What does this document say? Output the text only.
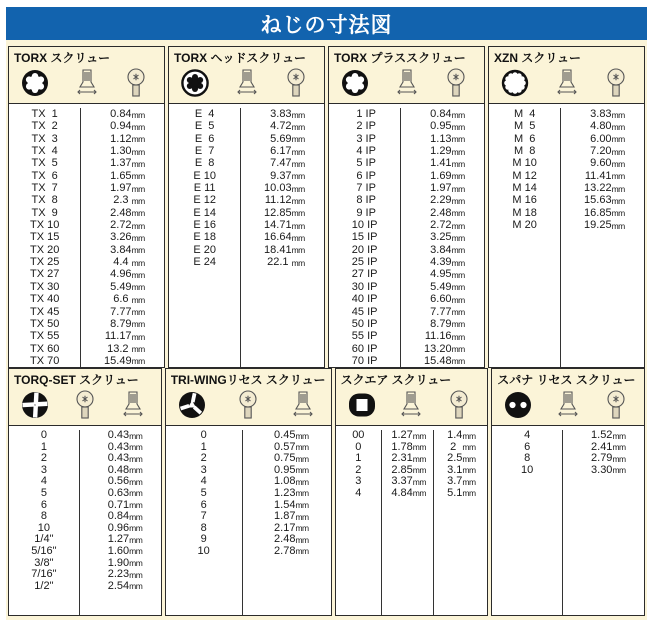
ねじの寸法図
TORX スクリュー
TX  1
TX  2
TX  3
TX  4
TX  5
TX  6
TX  7
TX  8
TX  9
TX 10
TX 15
TX 20
TX 25
TX 27
TX 30
TX 40
TX 45
TX 50
TX 55
TX 60
TX 70
0.84 mm
0.94 mm
1.12 mm
1.30 mm
1.37 mm
1.65 mm
1.97 mm
2.3 mm
2.48 mm
2.72 mm
3.26 mm
3.84 mm
4.4 mm
4.96 mm
5.49 mm
6.6 mm
7.77 mm
8.79 mm
11.17 mm
13.2 mm
15.49 mm
TORX ヘッドスクリュー
E  4
E  5
E  6
E  7
E  8
E 10
E 11
E 12
E 14
E 16
E 18
E 20
E 24
3.83 mm
4.72 mm
5.69 mm
6.17 mm
7.47 mm
9.37 mm
10.03 mm
11.12 mm
12.85 mm
14.71 mm
16.64 mm
18.41 mm
22.1 mm
TORX プラススクリュー
1 IP
2 IP
3 IP
4 IP
5 IP
6 IP
7 IP
8 IP
9 IP
10 IP
15 IP
20 IP
25 IP
27 IP
30 IP
40 IP
45 IP
50 IP
55 IP
60 IP
70 IP
0.84 mm
0.95 mm
1.13 mm
1.29 mm
1.41 mm
1.69 mm
1.97 mm
2.29 mm
2.48 mm
2.72 mm
3.25 mm
3.84 mm
4.39 mm
4.95 mm
5.49 mm
6.60 mm
7.77 mm
8.79 mm
11.16 mm
13.20 mm
15.48 mm
XZN スクリュー
M  4
M  5
M  6
M  8
M 10
M 12
M 14
M 16
M 18
M 20
3.83 mm
4.80 mm
6.00 mm
7.20 mm
9.60 mm
11.41 mm
13.22 mm
15.63 mm
16.85 mm
19.25 mm
TORQ-SET スクリュー
0
1
2
3
4
5
6
8
10
1/4"
5/16"
3/8"
7/16"
1/2"
0.43 mm
0.43 mm
0.43 mm
0.48 mm
0.56 mm
0.63 mm
0.71 mm
0.84 mm
0.96 mm
1.27 mm
1.60 mm
1.90 mm
2.23 mm
2.54 mm
TRI-WINGリセス スクリュー
0
1
2
3
4
5
6
7
8
9
10
0.45 mm
0.57 mm
0.75 mm
0.95 mm
1.08 mm
1.23 mm
1.54 mm
1.87 mm
2.17 mm
2.48 mm
2.78 mm
スクエア スクリュー
00
0
1
2
3
4
1.27 mm
1.78 mm
2.31 mm
2.85 mm
3.37 mm
4.84 mm
1.4 mm
2 mm
2.5 mm
3.1 mm
3.7 mm
5.1 mm
スパナ リセス スクリュー
4
6
8
10
1.52 mm
2.41 mm
2.79 mm
3.30 mm
